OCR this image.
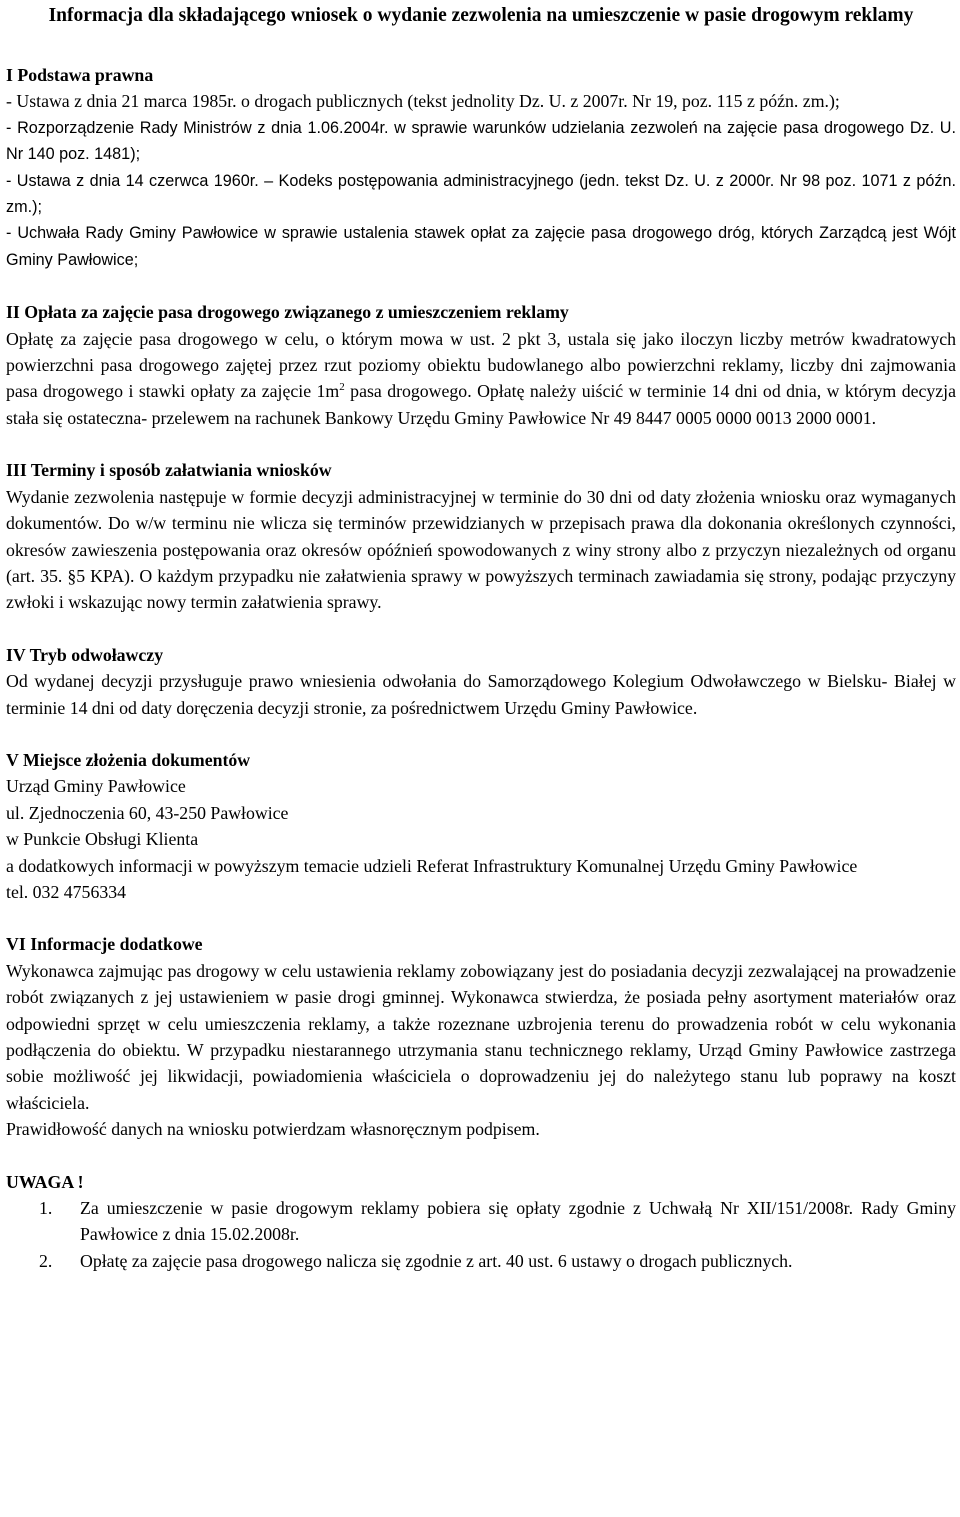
Informacja dla składającego wniosek o wydanie zezwolenia na umieszczenie w pasie drogowym reklamy
I Podstawa prawna

- Ustawa z dnia 21 marca 1985r. o drogach publicznych (tekst jednolity Dz. U. z 2007r. Nr 19, poz. 115 z późn. zm.);

- Rozporządzenie Rady Ministrów z dnia 1.06.2004r. w sprawie warunków udzielania zezwoleń na zajęcie pasa drogowego Dz. U. Nr 140 poz. 1481);

- Ustawa z dnia 14 czerwca 1960r. – Kodeks postępowania administracyjnego (jedn. tekst Dz. U. z 2000r. Nr 98 poz. 1071 z późn. zm.);

- Uchwała Rady Gminy Pawłowice w sprawie ustalenia stawek opłat za zajęcie pasa drogowego dróg, których Zarządcą jest Wójt Gminy Pawłowice;

II Opłata za zajęcie pasa drogowego związanego z umieszczeniem reklamy

Opłatę za zajęcie pasa drogowego w celu, o którym mowa w ust. 2 pkt 3, ustala się jako iloczyn liczby metrów kwadratowych powierzchni pasa drogowego zajętej przez rzut poziomy obiektu budowlanego albo powierzchni reklamy, liczby dni zajmowania pasa drogowego i stawki opłaty za zajęcie $1m^2$ pasa drogowego. Opłatę należy uiścić w terminie 14 dni od dnia, w którym decyzja stała się ostateczna- przelewem na rachunek Bankowy Urzędu Gminy Pawłowice Nr 49 8447 0005 0000 0013 2000 0001.

III Terminy i sposób załatwiania wniosków

Wydanie zezwolenia następuje w formie decyzji administracyjnej w terminie do 30 dni od daty złożenia wniosku oraz wymaganych dokumentów. Do w/w terminu nie wlicza się terminów przewidzianych w przepisach prawa dla dokonania określonych czynności, okresów zawieszenia postępowania oraz okresów opóźnień spowodowanych z winy strony albo z przyczyn niezależnych od organu (art. 35. §5 KPA). O każdym przypadku nie załatwienia sprawy w powyższych terminach zawiadamia się strony, podając przyczyny zwłoki i wskazując nowy termin załatwienia sprawy.

IV Tryb odwoławczy

Od wydanej decyzji przysługuje prawo wniesienia odwołania do Samorządowego Kolegium Odwoławczego w Bielsku- Białej w terminie 14 dni od daty doręczenia decyzji stronie, za pośrednictwem Urzędu Gminy Pawłowice.

V Miejsce złożenia dokumentów

Urząd Gminy Pawłowice

ul. Zjednoczenia 60, 43-250 Pawłowice

w Punkcie Obsługi Klienta

a dodatkowych informacji w powyższym temacie udzieli Referat Infrastruktury Komunalnej Urzędu Gminy Pawłowice

tel. 032 4756334

VI Informacje dodatkowe

Wykonawca zajmując pas drogowy w celu ustawienia reklamy zobowiązany jest do posiadania decyzji zezwalającej na prowadzenie robót związanych z jej ustawieniem w pasie drogi gminnej. Wykonawca stwierdza, że posiada pełny asortyment materiałów oraz odpowiedni sprzęt w celu umieszczenia reklamy, a także rozeznane uzbrojenia terenu do prowadzenia robót w celu wykonania podłączenia do obiektu. W przypadku niestarannego utrzymania stanu technicznego reklamy, Urząd Gminy Pawłowice zastrzega sobie możliwość jej likwidacji, powiadomienia właściciela o doprowadzeniu jej do należytego stanu lub poprawy na koszt właściciela.

Prawidłowość danych na wniosku potwierdzam własnoręcznym podpisem.

UWAGA !
1. Za umieszczenie w pasie drogowym reklamy pobiera się opłaty zgodnie z Uchwałą Nr XII/151/2008r. Rady Gminy Pawłowice z dnia 15.02.2008r.
2. Opłatę za zajęcie pasa drogowego nalicza się zgodnie z art. 40 ust. 6 ustawy o drogach publicznych.
